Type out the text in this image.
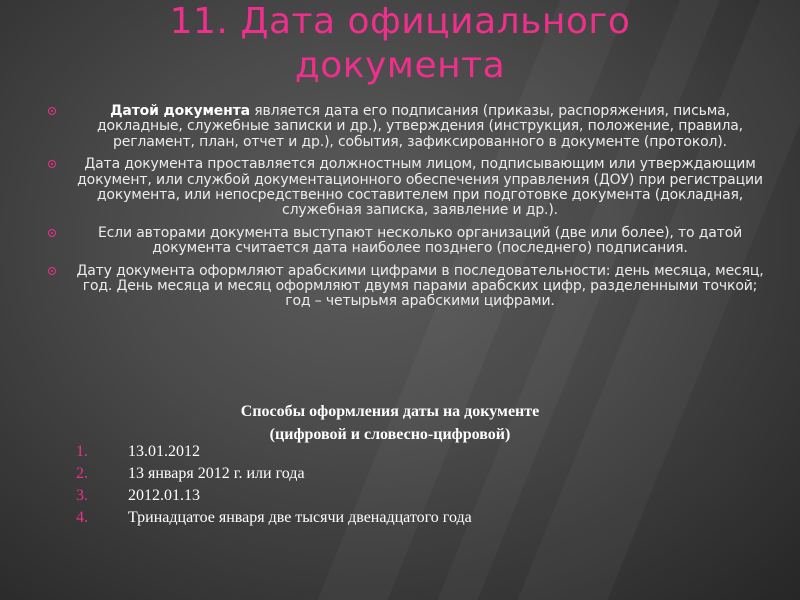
11. Дата официального
документа
Датой документа является дата его подписания (приказы, распоряжения, письма, докладные, служебные записки и др.), утверждения (инструкция, положение, правила, регламент, план, отчет и др.), события, зафиксированного в документе (протокол).
Дата документа проставляется должностным лицом, подписывающим или утверждающим документ, или службой документационного обеспечения управления (ДОУ) при регистрации документа, или непосредственно составителем при подготовке документа (докладная, служебная записка, заявление и др.).
Если авторами документа выступают несколько организаций (две или более), то датой документа считается дата наиболее позднего (последнего) подписания.
Дату документа оформляют арабскими цифрами в последовательности: день месяца, месяц, год. День месяца и месяц оформляют двумя парами арабских цифр, разделенными точкой; год – четырьмя арабскими цифрами.
Способы оформления даты на документе
(цифровой и словесно-цифровой)
1.	13.01.2012
2.	13 января 2012 г. или года
3.	2012.01.13
4.	Тринадцатое января две тысячи двенадцатого года
